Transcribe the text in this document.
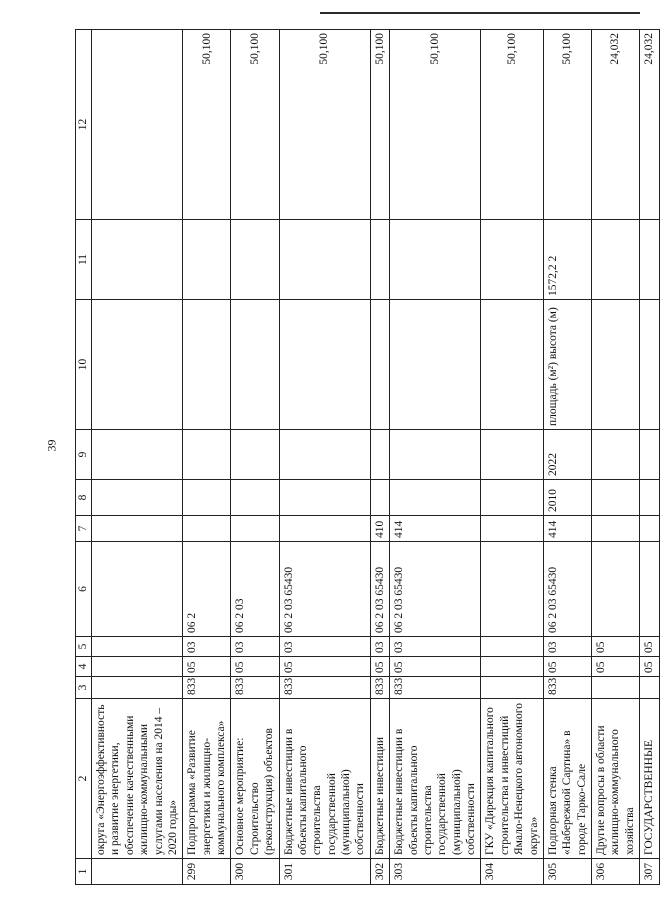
39
1	2	3	4	5	6	7	8	9	10	11	12
	округа «Энергоэффективность и развитие энергетики, обеспечение качественными жилищно-коммунальными услугами населения на 2014 – 2020 годы»										
299	Подпрограмма «Развитие энергетики и жилищно-коммунального комплекса»	833	05	03	06 2						50,100
300	Основное мероприятие: Строительство (реконструкция) объектов	833	05	03	06 2 03						50,100
301	Бюджетные инвестиции в объекты капитального строительства государственной (муниципальной) собственности	833	05	03	06 2 03 65430						50,100
302	Бюджетные инвестиции	833	05	03	06 2 03 65430	410					50,100
303	Бюджетные инвестиции в объекты капитального строительства государственной (муниципальной) собственности	833	05	03	06 2 03 65430	414					50,100
304	ГКУ «Дирекция капитального строительства и инвестиций Ямало-Ненецкого автономного округа»										50,100
305	Подпорная стенка «Набережной Сартина» в городе Тарко-Сале	833	05	03	06 2 03 65430	414	2010	2022	площадь (м²) высота (м)	1572,2 2	50,100
306	Другие вопросы в области жилищно-коммунального хозяйства		05	05							24,032
307	ГОСУДАРСТВЕННЫЕ		05	05							24,032
